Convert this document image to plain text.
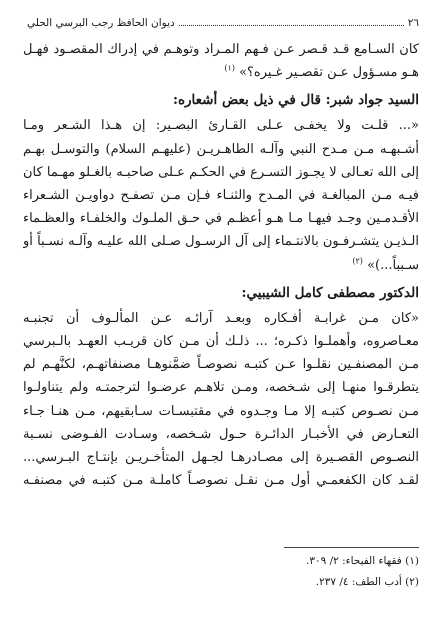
٢٦
ديوان الحافظ رجب البرسي الحلي

كان السـامع قـد قـصر عـن فـهم المـراد وتوهـم في إدراك المقصـود فهـل
هـو مسـؤول عـن تقصـير غـيره؟» $^{(١)}$

السيد جواد شبر: قال في ذيل بعض أشعاره:

«... قلـت ولا يخفـى عـلى القـارئ البصـير: إن هـذا الشـعر ومـا
أشـبهـه مـن مـدح النبي وآلـه الطاهـريـن (عليهـم السلام) والتوسـل بهـم
إلى الله تعـالى لا يجـوز التسـرع في الحكـم عـلى صاحبـه بالغـلو مهـما كان
فيـه مـن المبالغـة في المـدح والثنـاء فـإن مـن تصفـح دواويـن الشـعراء
الأقـدمـين وجـد فيهـا مـا هـو أعظـم في حـق الملـوك والخلفـاء والعظـماء
الـذيـن يتشـرفـون بالانتـماء إلى آل الرسـول صـلى الله عليـه وآلـه نسـباً أو
سـبباً...)» $^{(٢)}$

الدكتور مصطفى كامل الشيبيي:

«كان مـن غرابـة أفـكاره وبعـد آرائـه عـن المألـوف أن تجنبـه
معـاصروه، وأهملـوا ذكـره؛ ... ذلـك أن مـن كان قريـب العهـد بالـبرسي
مـن المصنفـين نقلـوا عـن كتبـه نصوصـاً ضمَّنوهـا مصنفاتهـم، لكنَّهـم لم
يتطرقـوا منهـا إلى شـخصه، ومـن تلاهـم عرضـوا لترجمتـه ولم يتناولـوا
مـن نصـوص كتبـه إلا مـا وجـدوه في مقتبسـات سـابقيهم، مـن هنـا جـاء
التعـارض في الأخبـار الدائـرة حـول شـخصه، وسـادت الفـوضى نسـبة
النصـوص القصـيرة إلى مصـادرهـا لجـهل المتأخـريـن بإنتـاج البـرسي...
لقـد كان الكفعمـي أول مـن نقـل نصوصـاً كاملـة مـن كتبـه في مصنفـه

(١) فقهاء الفيحاء: ٢/ ٣٠٩.
(٢) أدب الطف: ٤/ ٢٣٧.
